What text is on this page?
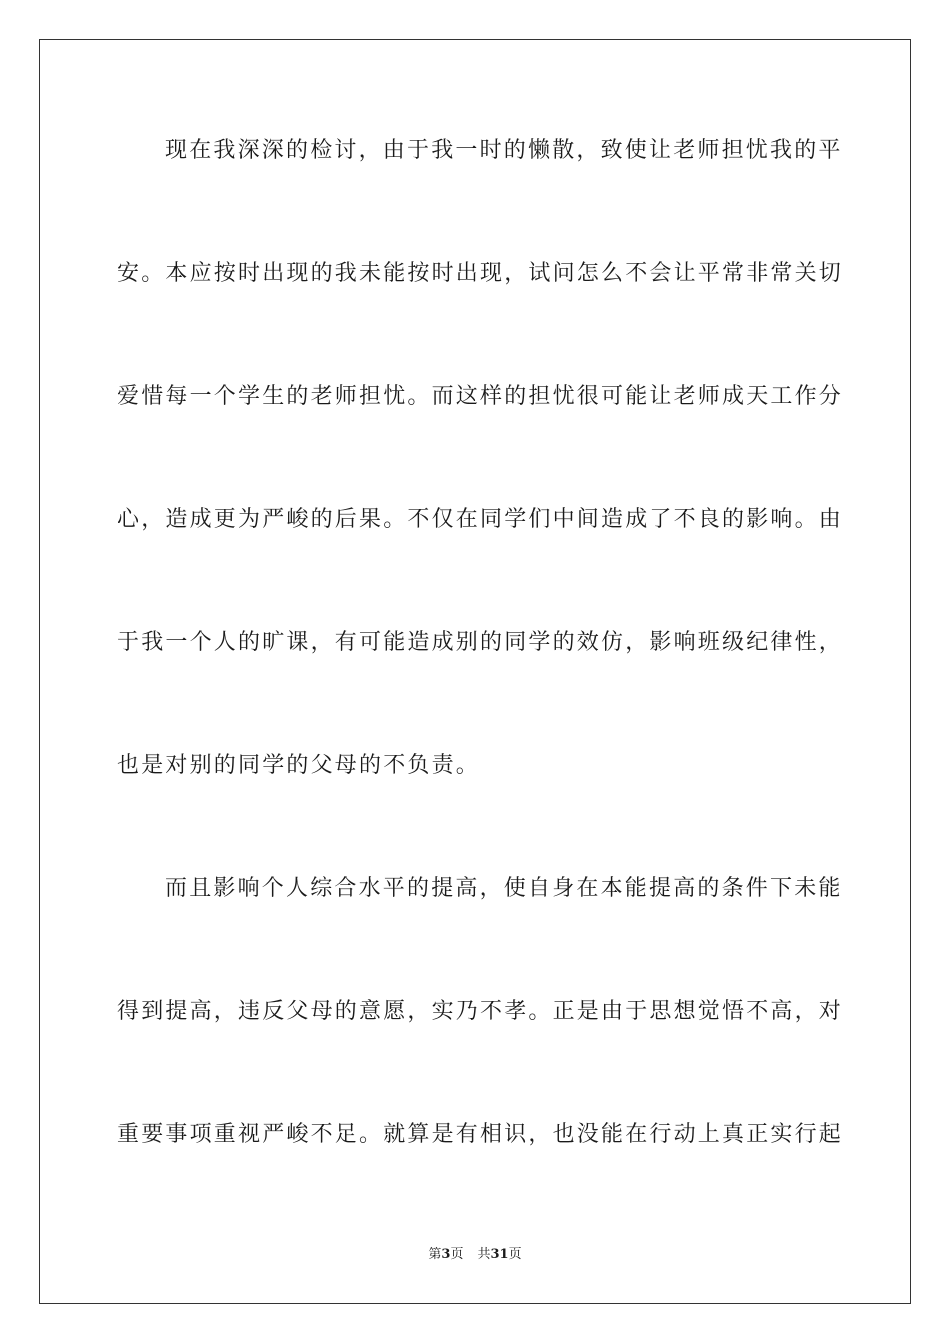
现在我深深的检讨，由于我一时的懒散，致使让老师担忧我的平
安。本应按时出现的我未能按时出现，试问怎么不会让平常非常关切
爱惜每一个学生的老师担忧。而这样的担忧很可能让老师成天工作分
心，造成更为严峻的后果。不仅在同学们中间造成了不良的影响。由
于我一个人的旷课，有可能造成别的同学的效仿，影响班级纪律性，
也是对别的同学的父母的不负责。
而且影响个人综合水平的提高，使自身在本能提高的条件下未能
得到提高，违反父母的意愿，实乃不孝。正是由于思想觉悟不高，对
重要事项重视严峻不足。就算是有相识，也没能在行动上真正实行起
第3页 共31页
